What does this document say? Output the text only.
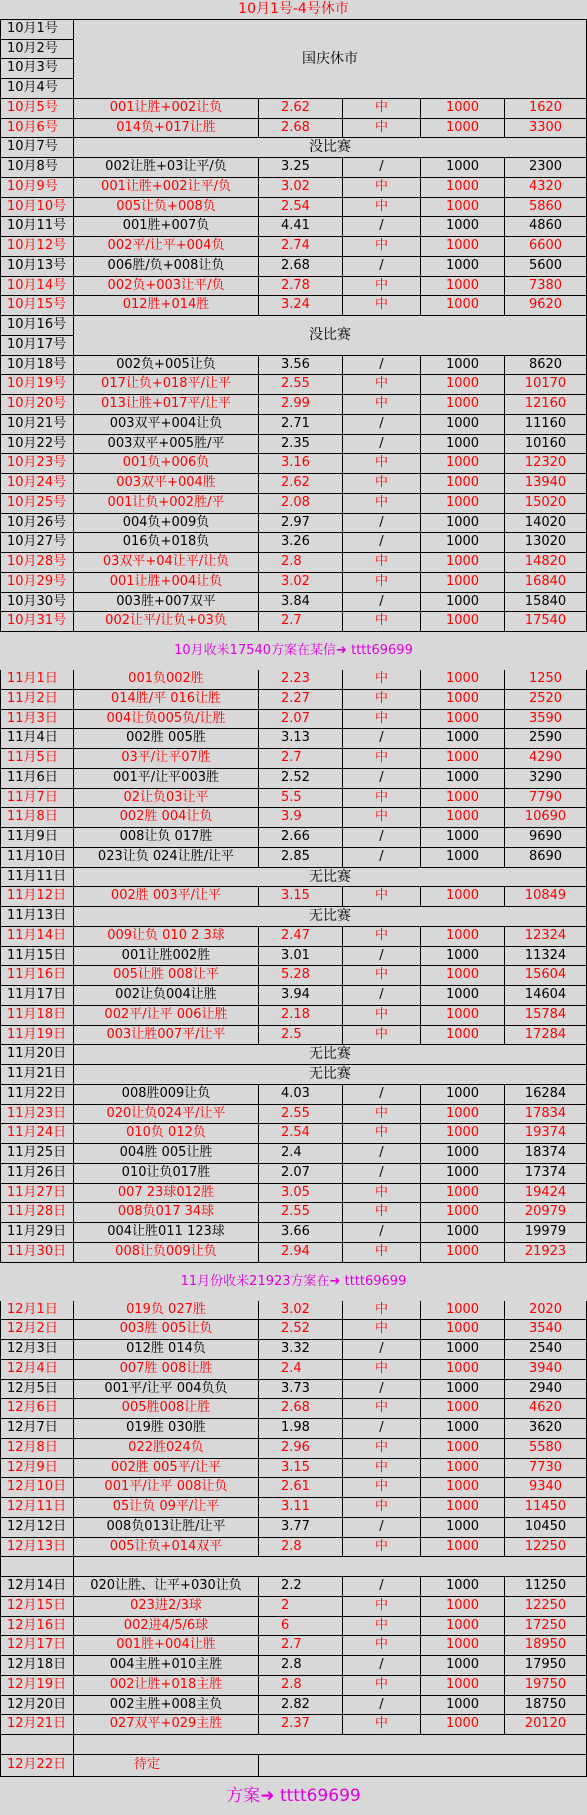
10月1号-4号休市
10月1号
10月2号
10月3号
10月4号
国庆休市
10月5号	001让胜+002让负	2.62	中	1000	1620
10月6号	014负+017让胜	2.68	中	1000	3300
10月7号	没比赛
10月8号	002让胜+03让平/负	3.25	/	1000	2300
10月9号	001让胜+002让平/负	3.02	中	1000	4320
10月10号	005让负+008负	2.54	中	1000	5860
10月11号	001胜+007负	4.41	/	1000	4860
10月12号	002平/让平+004负	2.74	中	1000	6600
10月13号	006胜/负+008让负	2.68	/	1000	5600
10月14号	002负+003让平/负	2.78	中	1000	7380
10月15号	012胜+014胜	3.24	中	1000	9620
10月16号
10月17号
没比赛
10月18号	002负+005让负	3.56	/	1000	8620
10月19号	017让负+018平/让平	2.55	中	1000	10170
10月20号	013让胜+017平/让平	2.99	中	1000	12160
10月21号	003双平+004让负	2.71	/	1000	11160
10月22号	003双平+005胜/平	2.35	/	1000	10160
10月23号	001负+006负	3.16	中	1000	12320
10月24号	003双平+004胜	2.62	中	1000	13940
10月25号	001让负+002胜/平	2.08	中	1000	15020
10月26号	004负+009负	2.97	/	1000	14020
10月27号	016负+018负	3.26	/	1000	13020
10月28号	03双平+04让平/让负	2.8	中	1000	14820
10月29号	001让胜+004让负	3.02	中	1000	16840
10月30号	003胜+007双平	3.84	/	1000	15840
10月31号	002让平/让负+03负	2.7	中	1000	17540
10月收米17540方案在某信➜ tttt69699
11月1日	001负002胜	2.23	中	1000	1250
11月2日	014胜/平 016让胜	2.27	中	1000	2520
11月3日	004让负005负/让胜	2.07	中	1000	3590
11月4日	002胜 005胜	3.13	/	1000	2590
11月5日	03平/让平07胜	2.7	中	1000	4290
11月6日	001平/让平003胜	2.52	/	1000	3290
11月7日	02让负03让平	5.5	中	1000	7790
11月8日	002胜 004让负	3.9	中	1000	10690
11月9日	008让负 017胜	2.66	/	1000	9690
11月10日	023让负 024让胜/让平	2.85	/	1000	8690
11月11日	无比赛
11月12日	002胜 003平/让平	3.15	中	1000	10849
11月13日	无比赛
11月14日	009让负 010 2 3球	2.47	中	1000	12324
11月15日	001让胜002胜	3.01	/	1000	11324
11月16日	005让胜 008让平	5.28	中	1000	15604
11月17日	002让负004让胜	3.94	/	1000	14604
11月18日	002平/让平 006让胜	2.18	中	1000	15784
11月19日	003让胜007平/让平	2.5	中	1000	17284
11月20日	无比赛
11月21日	无比赛
11月22日	008胜009让负	4.03	/	1000	16284
11月23日	020让负024平/让平	2.55	中	1000	17834
11月24日	010负 012负	2.54	中	1000	19374
11月25日	004胜 005让胜	2.4	/	1000	18374
11月26日	010让负017胜	2.07	/	1000	17374
11月27日	007 23球012胜	3.05	中	1000	19424
11月28日	008负017 34球	2.55	中	1000	20979
11月29日	004让胜011 123球	3.66	/	1000	19979
11月30日	008让负009让负	2.94	中	1000	21923
11月份收米21923方案在➜ tttt69699
12月1日	019负 027胜	3.02	中	1000	2020
12月2日	003胜 005让负	2.52	中	1000	3540
12月3日	012胜 014负	3.32	/	1000	2540
12月4日	007胜 008让胜	2.4	中	1000	3940
12月5日	001平/让平 004负负	3.73	/	1000	2940
12月6日	005胜008让胜	2.68	中	1000	4620
12月7日	019胜 030胜	1.98	/	1000	3620
12月8日	022胜024负	2.96	中	1000	5580
12月9日	002胜 005平/让平	3.15	中	1000	7730
12月10日	001平/让平 008让负	2.61	中	1000	9340
12月11日	05让负 09平/让平	3.11	中	1000	11450
12月12日	008负013让胜/让平	3.77	/	1000	10450
12月13日	005让负+014双平	2.8	中	1000	12250
12月14日	020让胜、让平+030让负	2.2	/	1000	11250
12月15日	023进2/3球	2	中	1000	12250
12月16日	002进4/5/6球	6	中	1000	17250
12月17日	001胜+004让胜	2.7	中	1000	18950
12月18日	004主胜+010主胜	2.8	/	1000	17950
12月19日	002让胜+018主胜	2.8	中	1000	19750
12月20日	002主胜+008主负	2.82	/	1000	18750
12月21日	027双平+029主胜	2.37	中	1000	20120
12月22日	待定
方案➜ tttt69699
